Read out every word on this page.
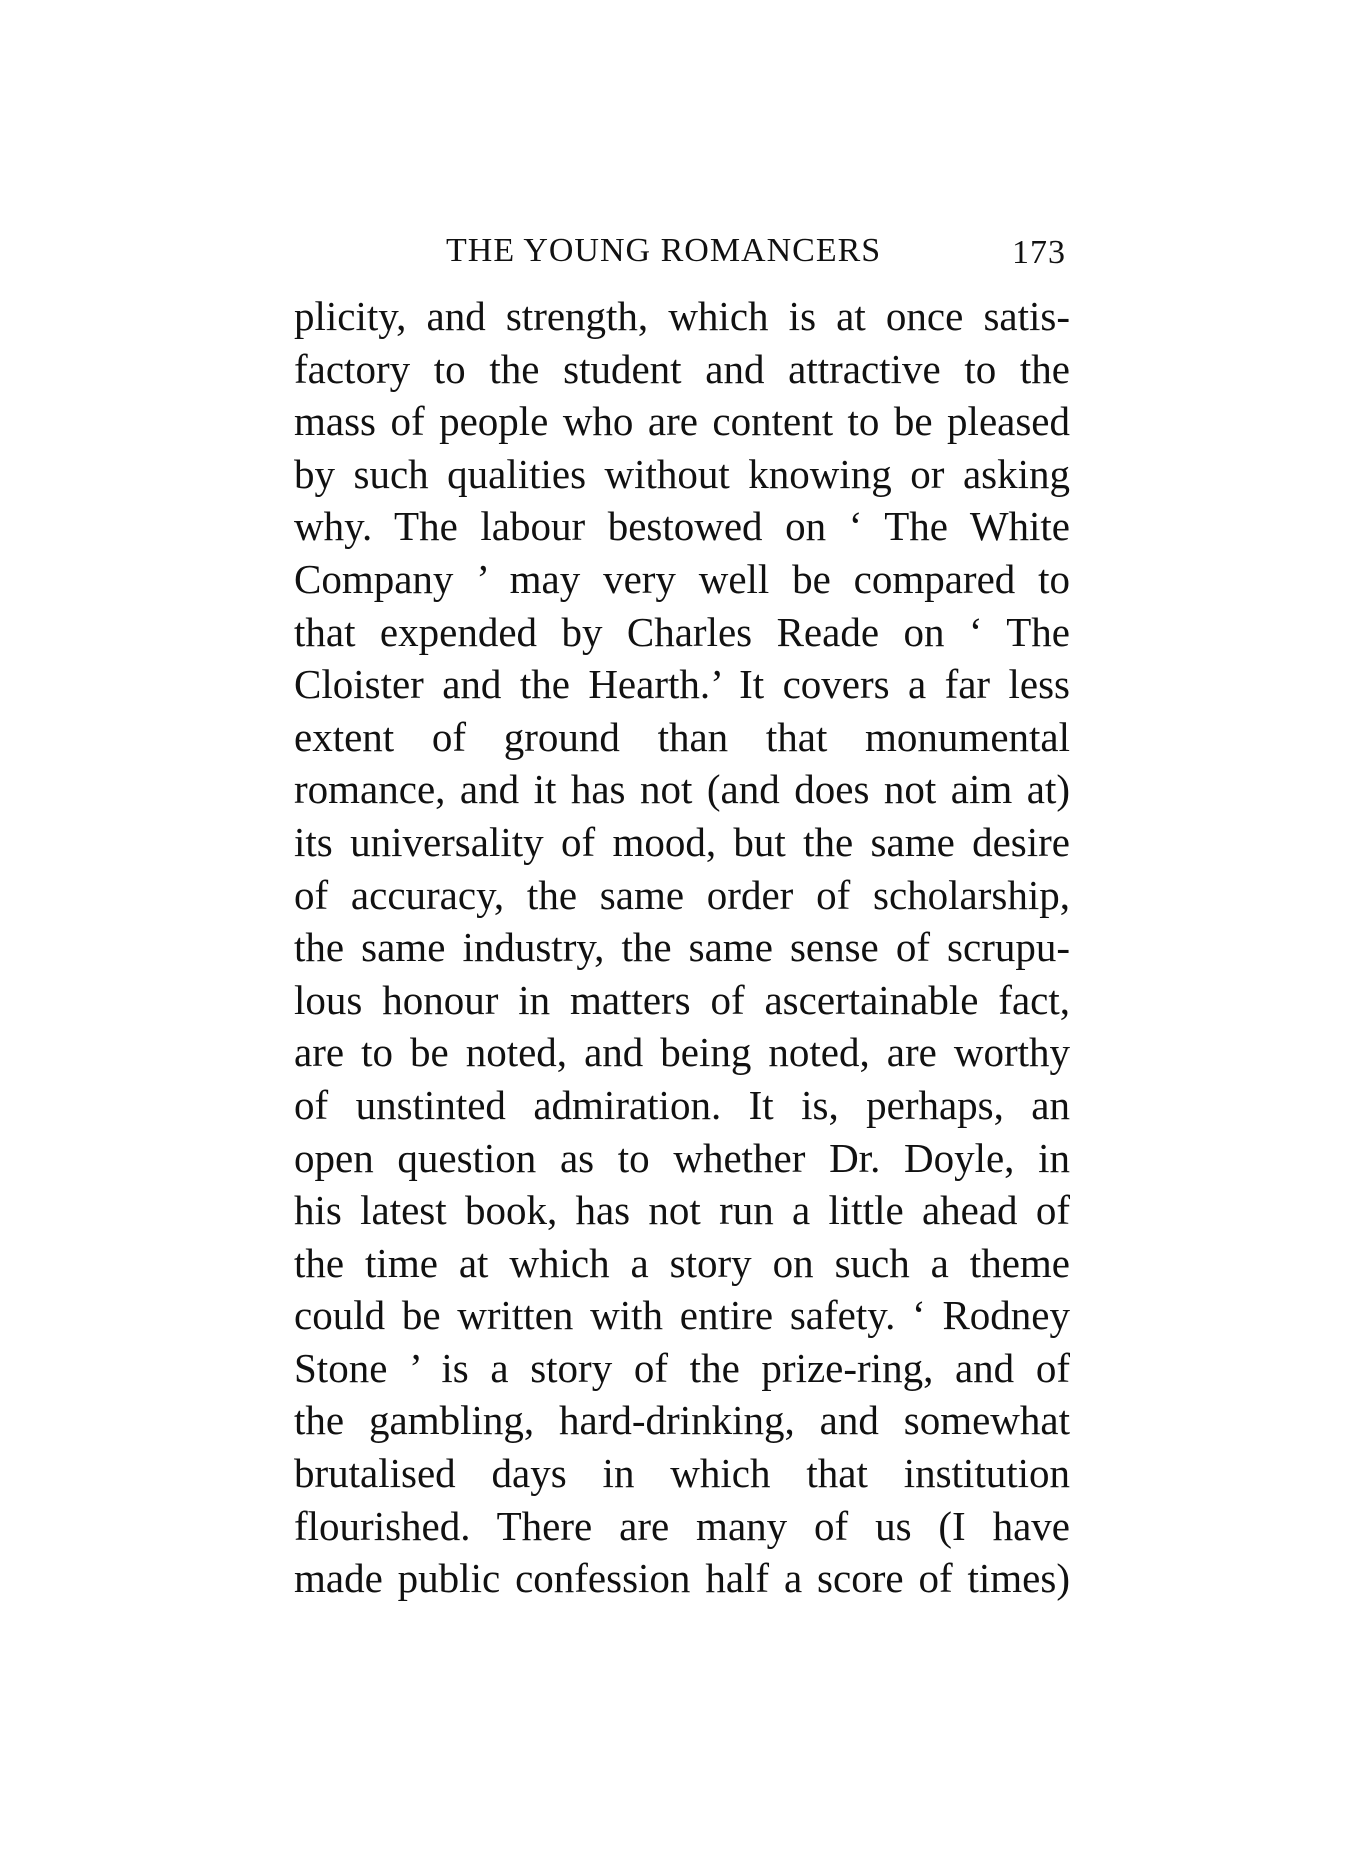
THE YOUNG ROMANCERS	173
plicity, and strength, which is at once satis-
factory to the student and attractive to the
mass of people who are content to be pleased
by such qualities without knowing or asking
why. The labour bestowed on ‘ The White
Company ’ may very well be compared to
that expended by Charles Reade on ‘ The
Cloister and the Hearth.’ It covers a far less
extent of ground than that monumental
romance, and it has not (and does not aim at)
its universality of mood, but the same desire
of accuracy, the same order of scholarship,
the same industry, the same sense of scrupu-
lous honour in matters of ascertainable fact,
are to be noted, and being noted, are worthy
of unstinted admiration. It is, perhaps, an
open question as to whether Dr. Doyle, in
his latest book, has not run a little ahead of
the time at which a story on such a theme
could be written with entire safety. ‘ Rodney
Stone ’ is a story of the prize-ring, and of
the gambling, hard-drinking, and somewhat
brutalised days in which that institution
flourished. There are many of us (I have
made public confession half a score of times)
